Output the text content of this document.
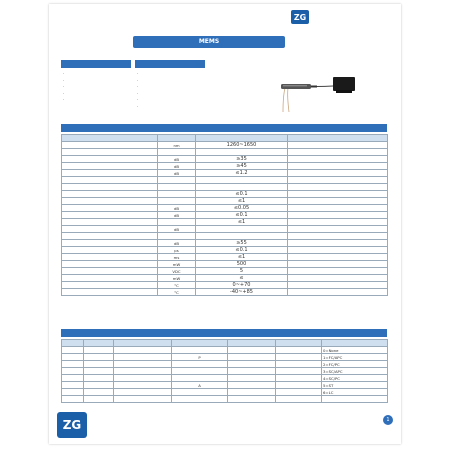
ZG
MEMS
·
·
·
·
·
·
·
·
·
·
·

	nm	1260~1650	

	dB	≥35	
	dB	≥45	
	dB	≤1.2	

		≤0.1	
		≤1	
	dB	≤0.05	
	dB	≤0.1	
		≤1	
	dB		

	dB	≥55	
	ps	≤0.1	
	ms	≤1	
	mW	500	
	VDC	5	
	mW	≤	
	°C	0~+70	
	°C	-40~+85	

						0=None
			P			1=FC/APC
						2=FC/PC
						3=SC/APC
						4=SC/PC
			A			5=ST
						6=LC

ZG	1
